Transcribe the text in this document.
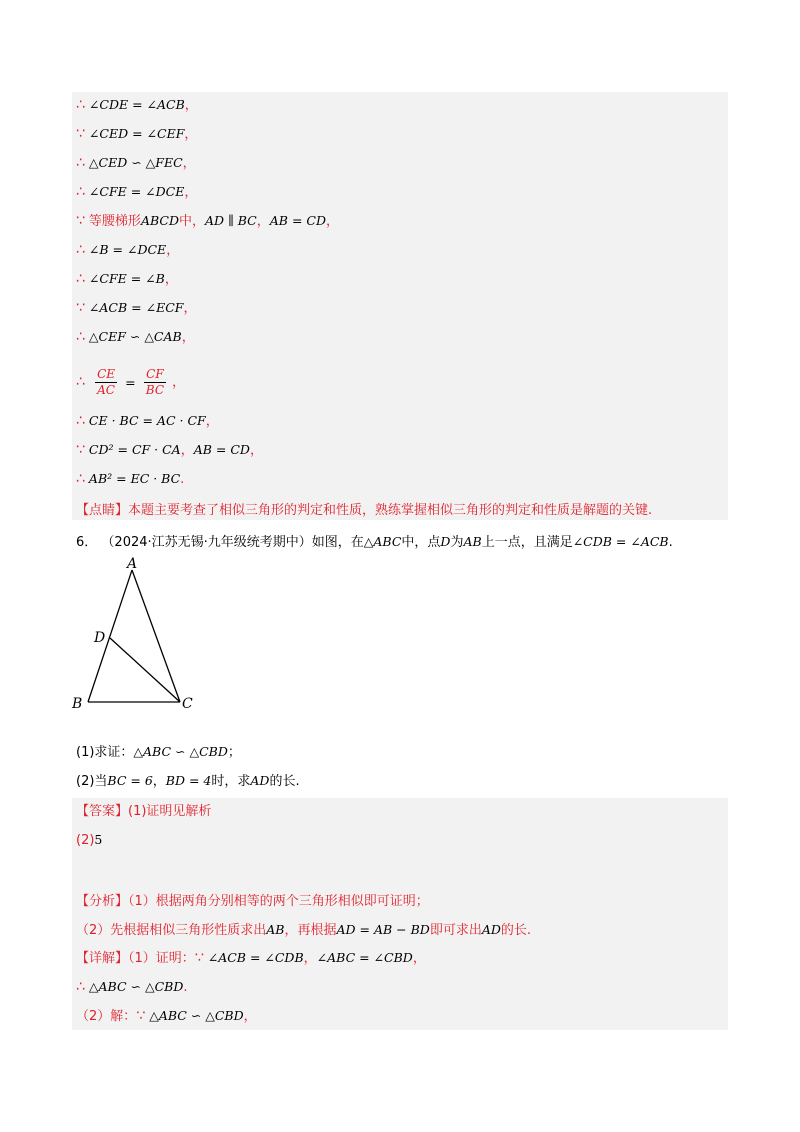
∴ ∠CDE = ∠ACB，
∵ ∠CED = ∠CEF，
∴ △CED ∽ △FEC，
∴ ∠CFE = ∠DCE，
∵ 等腰梯形ABCD中，AD ∥ BC，AB = CD，
∴ ∠B = ∠DCE，
∴ ∠CFE = ∠B，
∵ ∠ACB = ∠ECF，
∴ △CEF ∽ △CAB，
∴ $\frac{CE}{AC} = \frac{CF}{BC}$ ，
∴ CE · BC = AC · CF，
∵ CD² = CF · CA，AB = CD，
∴ AB² = EC · BC.
【点睛】本题主要考查了相似三角形的判定和性质，熟练掌握相似三角形的判定和性质是解题的关键.
6． （2024·江苏无锡·九年级统考期中）如图，在△ABC中，点D为AB上一点，且满足∠CDB = ∠ACB.
A
B	C
D
(1)求证：△ABC ∽ △CBD；
(2)当BC = 6，BD = 4时，求AD的长.
【答案】(1)证明见解析
(2)5
【分析】（1）根据两角分别相等的两个三角形相似即可证明；
（2）先根据相似三角形性质求出AB，再根据AD = AB − BD即可求出AD的长.
【详解】（1）证明：∵ ∠ACB = ∠CDB，∠ABC = ∠CBD，
∴ △ABC ∽ △CBD.
（2）解：∵ △ABC ∽ △CBD，
